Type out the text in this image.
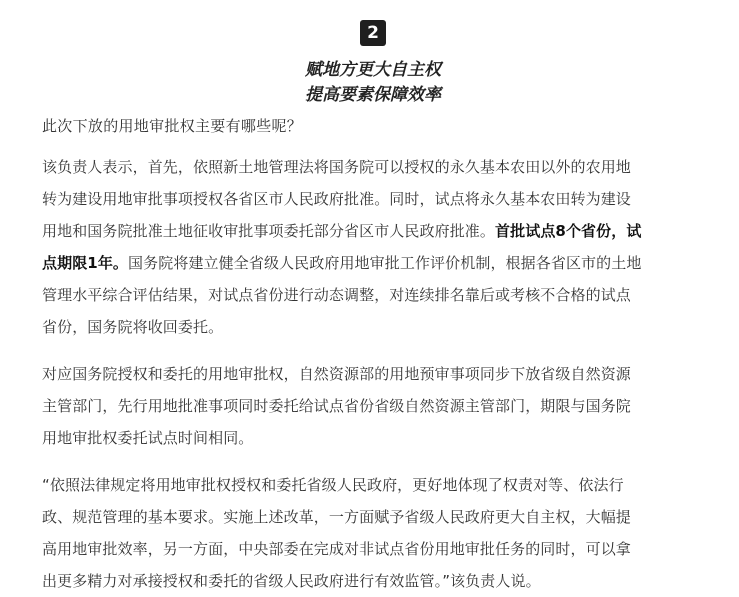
2
赋地方更大自主权
提高要素保障效率

此次下放的用地审批权主要有哪些呢？

该负责人表示，首先，依照新土地管理法将国务院可以授权的永久基本农田以外的农用地
转为建设用地审批事项授权各省区市人民政府批准。同时，试点将永久基本农田转为建设
用地和国务院批准土地征收审批事项委托部分省区市人民政府批准。首批试点8个省份，试
点期限1年。国务院将建立健全省级人民政府用地审批工作评价机制，根据各省区市的土地
管理水平综合评估结果，对试点省份进行动态调整，对连续排名靠后或考核不合格的试点
省份，国务院将收回委托。

对应国务院授权和委托的用地审批权，自然资源部的用地预审事项同步下放省级自然资源
主管部门，先行用地批准事项同时委托给试点省份省级自然资源主管部门，期限与国务院
用地审批权委托试点时间相同。

“依照法律规定将用地审批权授权和委托省级人民政府，更好地体现了权责对等、依法行
政、规范管理的基本要求。实施上述改革，一方面赋予省级人民政府更大自主权，大幅提
高用地审批效率，另一方面，中央部委在完成对非试点省份用地审批任务的同时，可以拿
出更多精力对承接授权和委托的省级人民政府进行有效监管。”该负责人说。
